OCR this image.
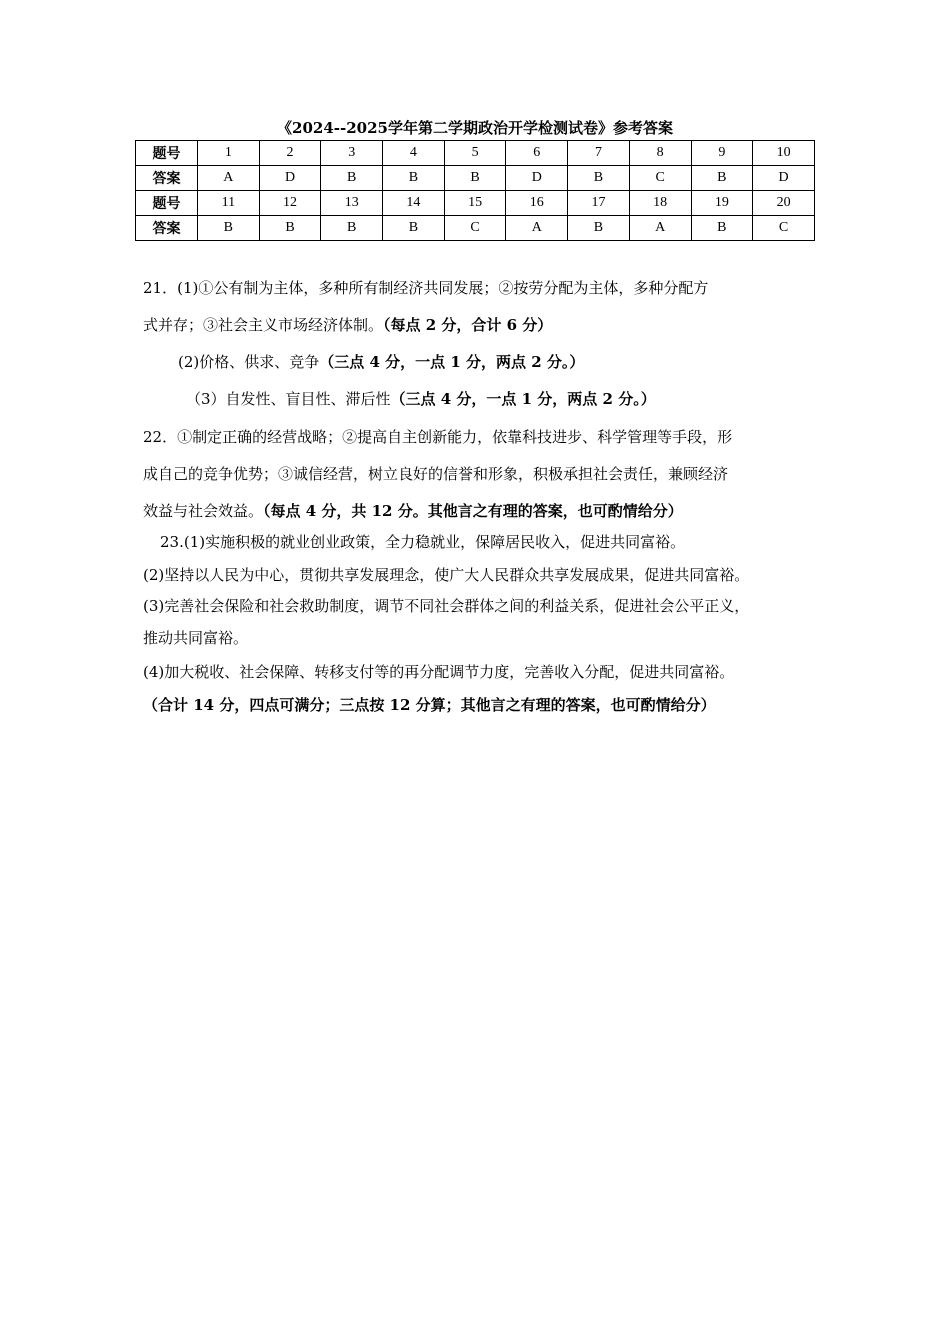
《2024--2025学年第二学期政治开学检测试卷》参考答案
题号	1	2	3	4	5	6	7	8	9	10
答案	A	D	B	B	B	D	B	C	B	D
题号	11	12	13	14	15	16	17	18	19	20
答案	B	B	B	B	C	A	B	A	B	C
21．(1)①公有制为主体，多种所有制经济共同发展；②按劳分配为主体，多种分配方
式并存；③社会主义市场经济体制。（每点 2 分，合计 6 分）
(2)价格、供求、竞争（三点 4 分，一点 1 分，两点 2 分。）
（3）自发性、盲目性、滞后性（三点 4 分，一点 1 分，两点 2 分。）
22．①制定正确的经营战略；②提高自主创新能力，依靠科技进步、科学管理等手段，形
成自己的竞争优势；③诚信经营，树立良好的信誉和形象，积极承担社会责任，兼顾经济
效益与社会效益。（每点 4 分，共 12 分。其他言之有理的答案，也可酌情给分）
23.(1)实施积极的就业创业政策，全力稳就业，保障居民收入，促进共同富裕。
(2)坚持以人民为中心，贯彻共享发展理念，使广大人民群众共享发展成果，促进共同富裕。
(3)完善社会保险和社会救助制度，调节不同社会群体之间的利益关系，促进社会公平正义，
推动共同富裕。
(4)加大税收、社会保障、转移支付等的再分配调节力度，完善收入分配，促进共同富裕。
（合计 14 分，四点可满分；三点按 12 分算；其他言之有理的答案，也可酌情给分）
